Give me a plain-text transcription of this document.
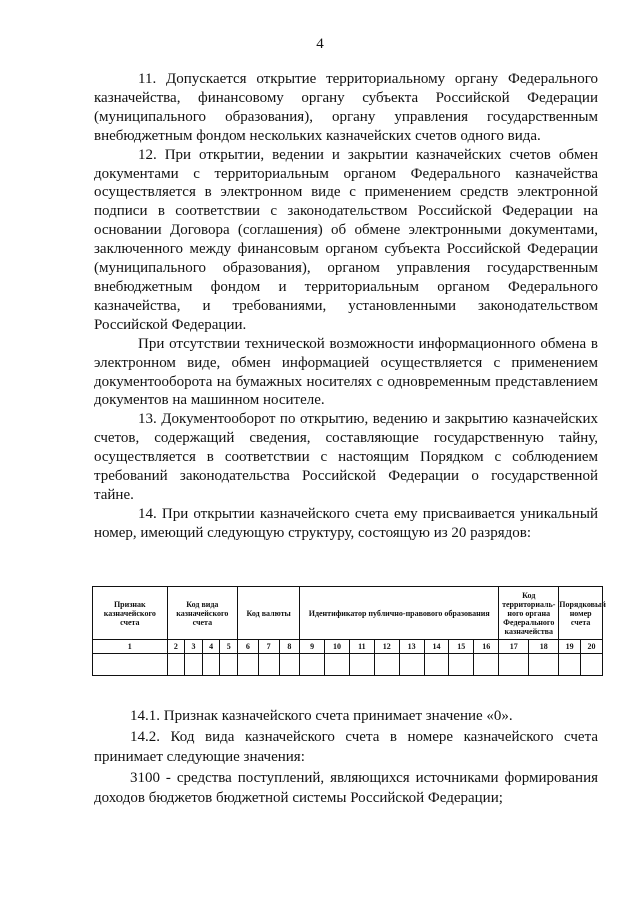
4

11. Допускается открытие территориальному органу Федерального казначейства, финансовому органу субъекта Российской Федерации (муниципального образования), органу управления государственным внебюджетным фондом нескольких казначейских счетов одного вида.

12. При открытии, ведении и закрытии казначейских счетов обмен документами с территориальным органом Федерального казначейства осуществляется в электронном виде с применением средств электронной подписи в соответствии с законодательством Российской Федерации на основании Договора (соглашения) об обмене электронными документами, заключенного между финансовым органом субъекта Российской Федерации (муниципального образования), органом управления государственным внебюджетным фондом и территориальным органом Федерального казначейства, и требованиями, установленными законодательством Российской Федерации.

При отсутствии технической возможности информационного обмена в электронном виде, обмен информацией осуществляется с применением документооборота на бумажных носителях с одновременным представлением документов на машинном носителе.

13. Документооборот по открытию, ведению и закрытию казначейских счетов, содержащий сведения, составляющие государственную тайну, осуществляется в соответствии с настоящим Порядком с соблюдением требований законодательства Российской Федерации о государственной тайне.

14. При открытии казначейского счета ему присваивается уникальный номер, имеющий следующую структуру, состоящую из 20 разрядов:

Признак казначейского счета	Код вида казначейского счета				Код валюты			Идентификатор публично-правового образования								Код территориаль-ного органа Федерального казначейства		Порядковый номер счета	
1	2	3	4	5	6	7	8	9	10	11	12	13	14	15	16	17	18	19	20

14.1. Признак казначейского счета принимает значение «0».

14.2. Код вида казначейского счета в номере казначейского счета принимает следующие значения:

3100 - средства поступлений, являющихся источниками формирования доходов бюджетов бюджетной системы Российской Федерации;
